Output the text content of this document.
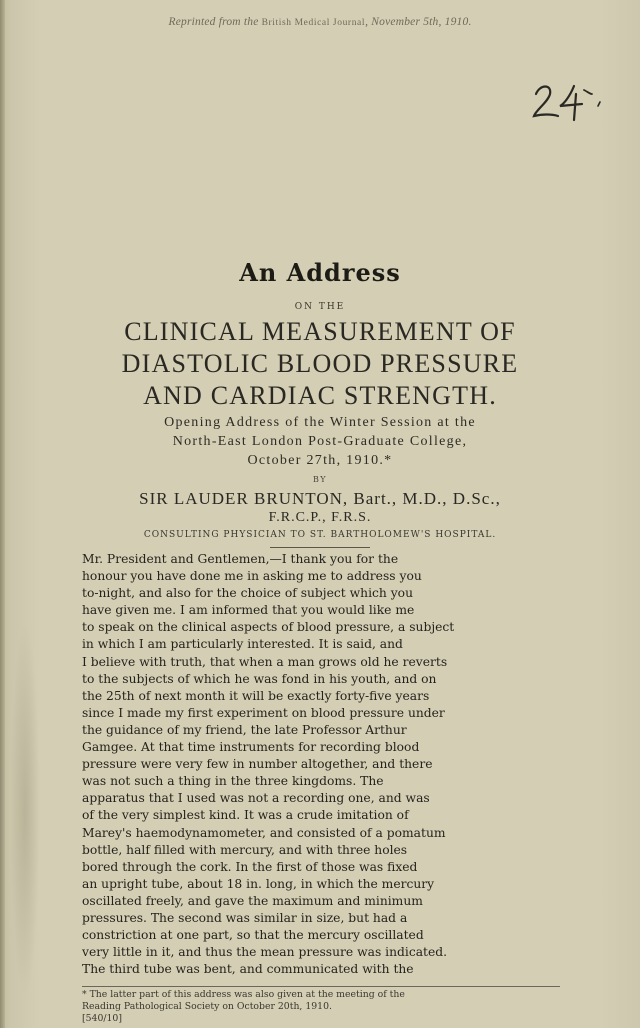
Reprinted from the British Medical Journal, November 5th, 1910.
An Address
ON THE
CLINICAL MEASUREMENT OF DIASTOLIC BLOOD PRESSURE AND CARDIAC STRENGTH.
Opening Address of the Winter Session at the
North-East London Post-Graduate College,
October 27th, 1910.*
BY
SIR LAUDER BRUNTON, Bart., M.D., D.Sc.,
F.R.C.P., F.R.S.
CONSULTING PHYSICIAN TO ST. BARTHOLOMEW'S HOSPITAL.
Mr. President and Gentlemen,—I thank you for the
honour you have done me in asking me to address you
to-night, and also for the choice of subject which you
have given me. I am informed that you would like me
to speak on the clinical aspects of blood pressure, a subject
in which I am particularly interested. It is said, and
I believe with truth, that when a man grows old he reverts
to the subjects of which he was fond in his youth, and on
the 25th of next month it will be exactly forty-five years
since I made my first experiment on blood pressure under
the guidance of my friend, the late Professor Arthur
Gamgee. At that time instruments for recording blood
pressure were very few in number altogether, and there
was not such a thing in the three kingdoms. The
apparatus that I used was not a recording one, and was
of the very simplest kind. It was a crude imitation of
Marey's haemodynamometer, and consisted of a pomatum
bottle, half filled with mercury, and with three holes
bored through the cork. In the first of those was fixed
an upright tube, about 18 in. long, in which the mercury
oscillated freely, and gave the maximum and minimum
pressures. The second was similar in size, but had a
constriction at one part, so that the mercury oscillated
very little in it, and thus the mean pressure was indicated.
The third tube was bent, and communicated with the
* The latter part of this address was also given at the meeting of the
Reading Pathological Society on October 20th, 1910.
[540/10]
